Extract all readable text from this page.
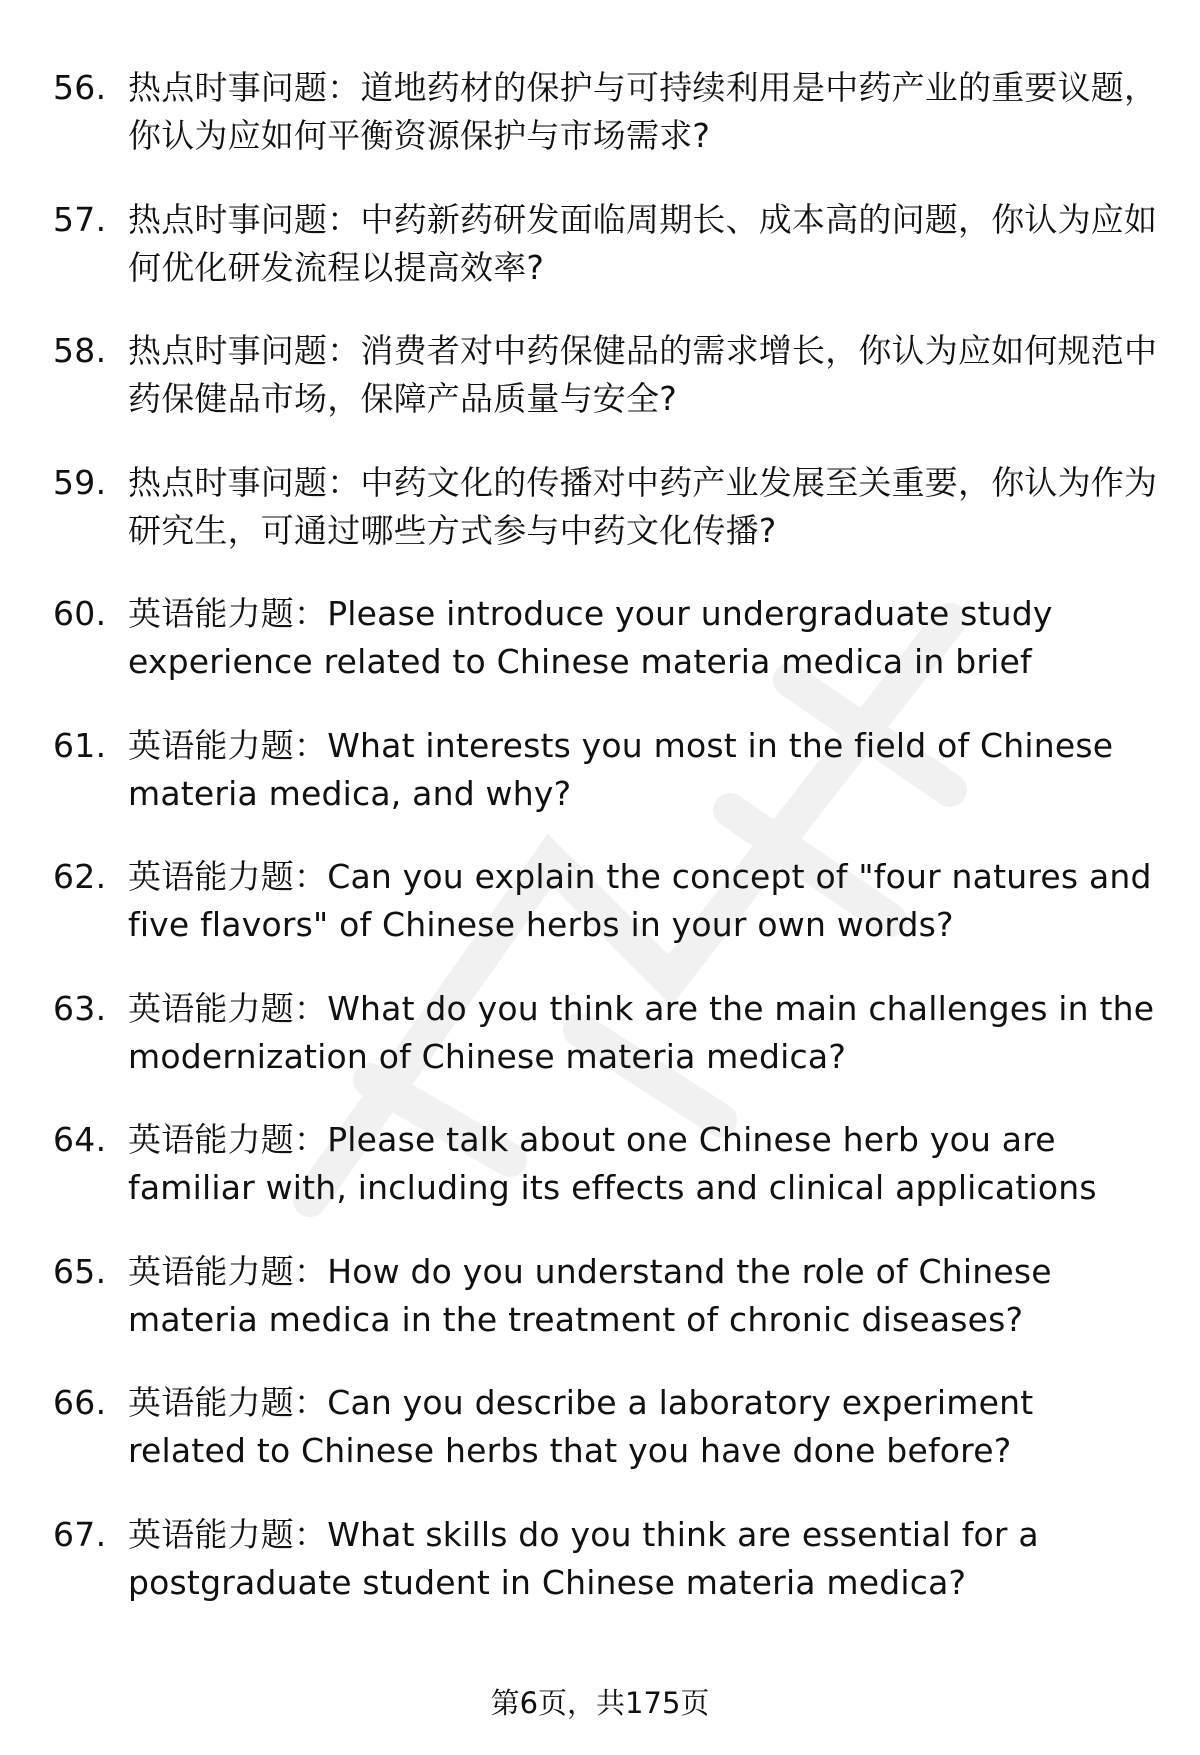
56. 热点时事问题：道地药材的保护与可持续利用是中药产业的重要议题，你认为应如何平衡资源保护与市场需求?
57. 热点时事问题：中药新药研发面临周期长、成本高的问题，你认为应如何优化研发流程以提高效率?
58. 热点时事问题：消费者对中药保健品的需求增长，你认为应如何规范中药保健品市场，保障产品质量与安全?
59. 热点时事问题：中药文化的传播对中药产业发展至关重要，你认为作为研究生，可通过哪些方式参与中药文化传播?
60. 英语能力题：Please introduce your undergraduate study experience related to Chinese materia medica in brief
61. 英语能力题：What interests you most in the field of Chinese materia medica, and why?
62. 英语能力题：Can you explain the concept of "four natures and five flavors" of Chinese herbs in your own words?
63. 英语能力题：What do you think are the main challenges in the modernization of Chinese materia medica?
64. 英语能力题：Please talk about one Chinese herb you are familiar with, including its effects and clinical applications
65. 英语能力题：How do you understand the role of Chinese materia medica in the treatment of chronic diseases?
66. 英语能力题：Can you describe a laboratory experiment related to Chinese herbs that you have done before?
67. 英语能力题：What skills do you think are essential for a postgraduate student in Chinese materia medica?
第6页，共175页
